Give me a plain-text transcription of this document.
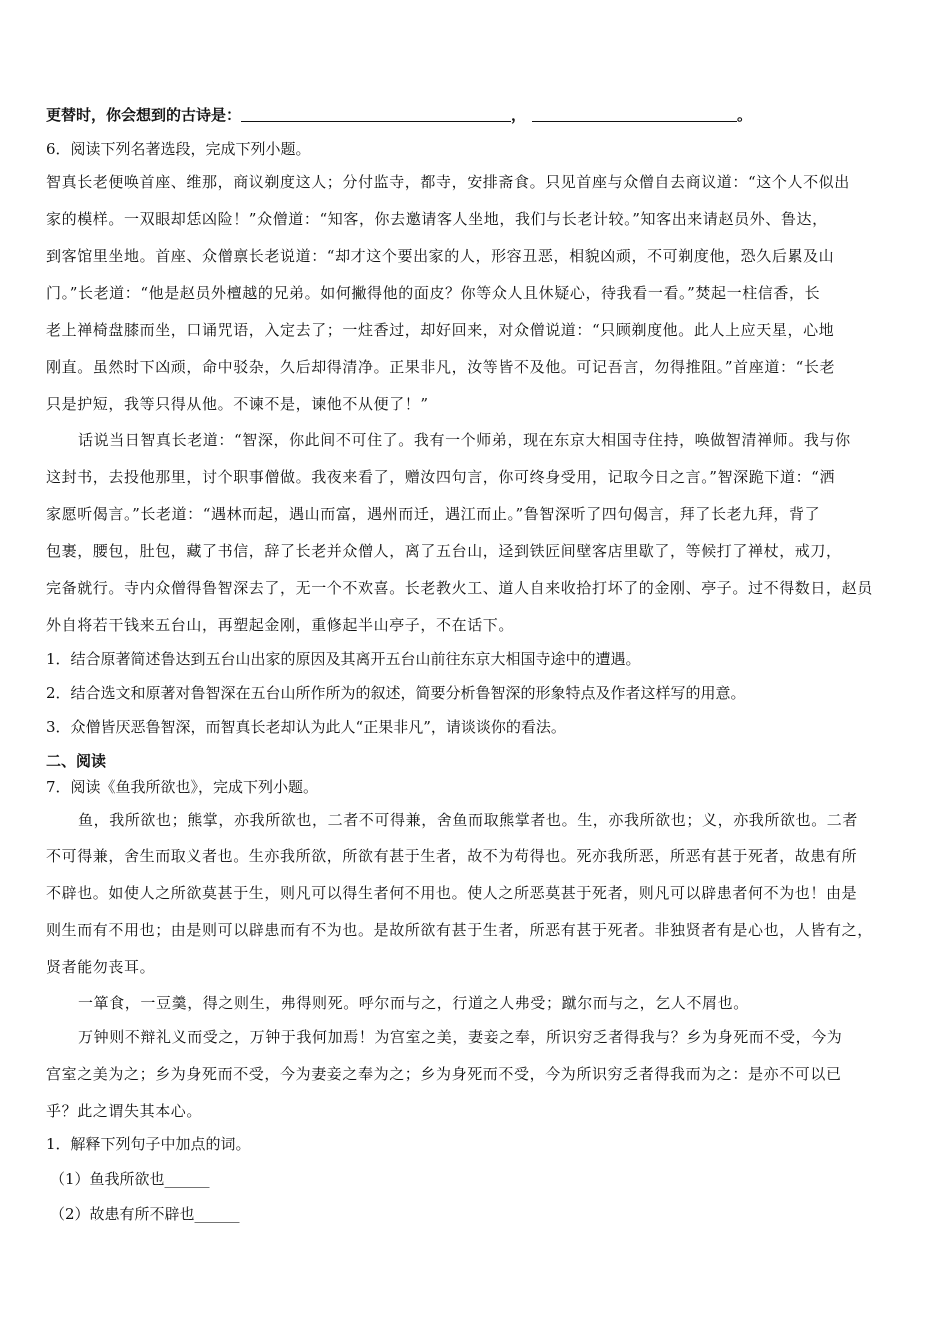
更替时，你会想到的古诗是：	，	。
6．阅读下列名著选段，完成下列小题。
智真长老便唤首座、维那，商议剃度这人；分付监寺，都寺，安排斋食。只见首座与众僧自去商议道：“这个人不似出
家的模样。一双眼却恁凶险！”众僧道：“知客，你去邀请客人坐地，我们与长老计较。”知客出来请赵员外、鲁达，
到客馆里坐地。首座、众僧禀长老说道：“却才这个要出家的人，形容丑恶，相貌凶顽，不可剃度他，恐久后累及山
门。”长老道：“他是赵员外檀越的兄弟。如何撇得他的面皮？你等众人且休疑心，待我看一看。”焚起一柱信香，长
老上禅椅盘膝而坐，口诵咒语，入定去了；一炷香过，却好回来，对众僧说道：“只顾剃度他。此人上应天星，心地
刚直。虽然时下凶顽，命中驳杂，久后却得清净。正果非凡，汝等皆不及他。可记吾言，勿得推阻。”首座道：“长老
只是护短，我等只得从他。不谏不是，谏他不从便了！”
话说当日智真长老道：“智深，你此间不可住了。我有一个师弟，现在东京大相国寺住持，唤做智清禅师。我与你
这封书，去投他那里，讨个职事僧做。我夜来看了，赠汝四句言，你可终身受用，记取今日之言。”智深跪下道：“洒
家愿听偈言。”长老道：“遇林而起，遇山而富，遇州而迁，遇江而止。”鲁智深听了四句偈言，拜了长老九拜，背了
包裹，腰包，肚包，藏了书信，辞了长老并众僧人，离了五台山，迳到铁匠间壁客店里歇了，等候打了禅杖，戒刀，
完备就行。寺内众僧得鲁智深去了，无一个不欢喜。长老教火工、道人自来收拾打坏了的金刚、亭子。过不得数日，赵员
外自将若干钱来五台山，再塑起金刚，重修起半山亭子，不在话下。
1．结合原著简述鲁达到五台山出家的原因及其离开五台山前往东京大相国寺途中的遭遇。
2．结合选文和原著对鲁智深在五台山所作所为的叙述，简要分析鲁智深的形象特点及作者这样写的用意。
3．众僧皆厌恶鲁智深，而智真长老却认为此人“正果非凡”，请谈谈你的看法。
二、阅读
7．阅读《鱼我所欲也》，完成下列小题。
鱼，我所欲也；熊掌，亦我所欲也，二者不可得兼，舍鱼而取熊掌者也。生，亦我所欲也；义，亦我所欲也。二者
不可得兼，舍生而取义者也。生亦我所欲，所欲有甚于生者，故不为苟得也。死亦我所恶，所恶有甚于死者，故患有所
不辟也。如使人之所欲莫甚于生，则凡可以得生者何不用也。使人之所恶莫甚于死者，则凡可以辟患者何不为也！由是
则生而有不用也；由是则可以辟患而有不为也。是故所欲有甚于生者，所恶有甚于死者。非独贤者有是心也，人皆有之，
贤者能勿丧耳。
一箪食，一豆羹，得之则生，弗得则死。呼尔而与之，行道之人弗受；蹴尔而与之，乞人不屑也。
万钟则不辩礼义而受之，万钟于我何加焉！为宫室之美，妻妾之奉，所识穷乏者得我与？乡为身死而不受，今为
宫室之美为之；乡为身死而不受，今为妻妾之奉为之；乡为身死而不受，今为所识穷乏者得我而为之：是亦不可以已
乎？此之谓失其本心。
1．解释下列句子中加点的词。
（1）鱼我所欲也______
（2）故患有所不辟也______
